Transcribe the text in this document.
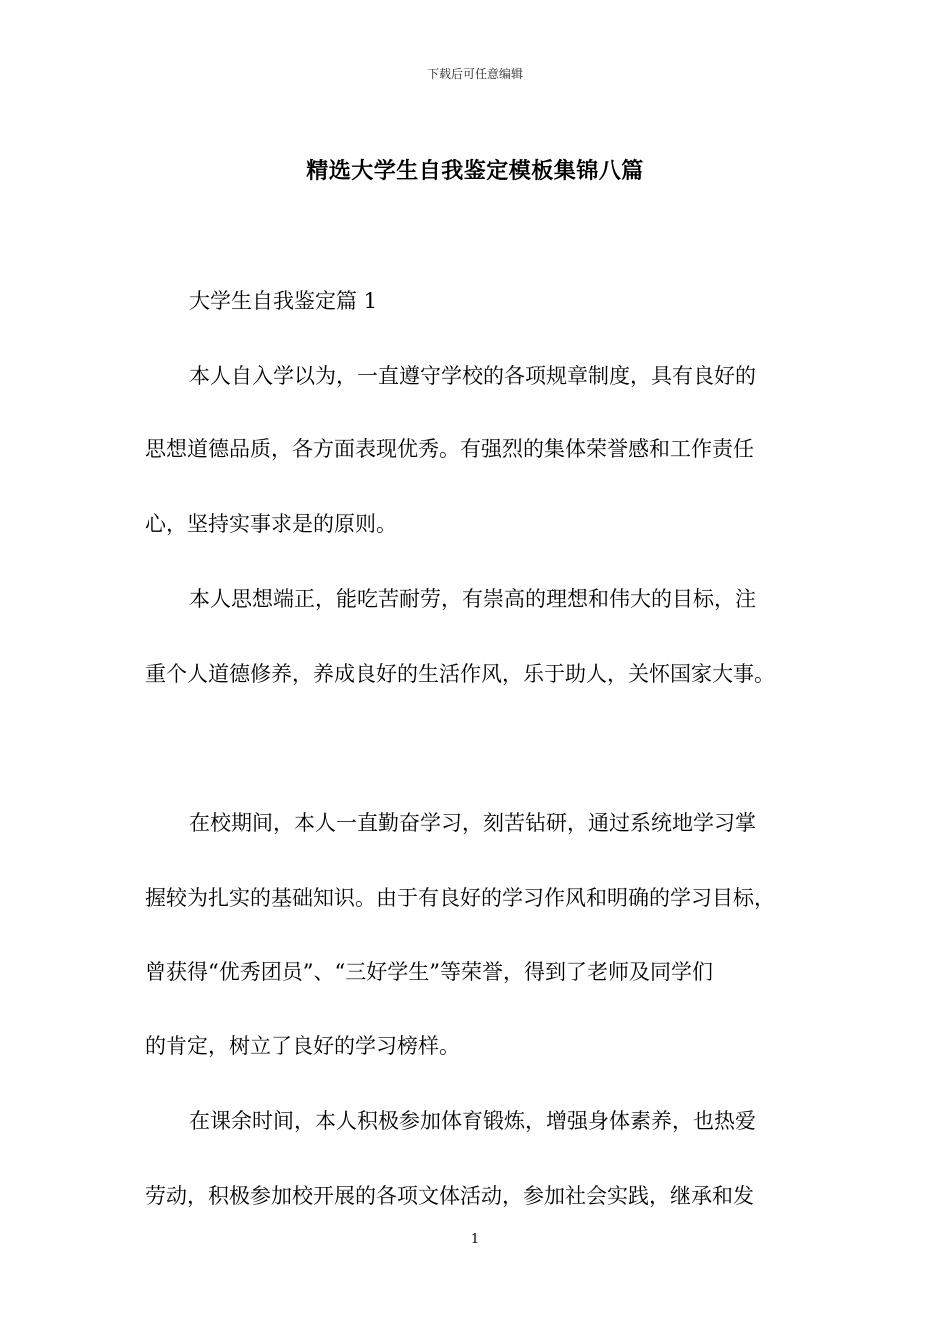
下载后可任意编辑
精选大学生自我鉴定模板集锦八篇
大学生自我鉴定篇 1
本人自入学以为，一直遵守学校的各项规章制度，具有良好的
思想道德品质，各方面表现优秀。有强烈的集体荣誉感和工作责任
心，坚持实事求是的原则。
本人思想端正，能吃苦耐劳，有崇高的理想和伟大的目标，注
重个人道德修养，养成良好的生活作风，乐于助人，关怀国家大事。
在校期间，本人一直勤奋学习，刻苦钻研，通过系统地学习掌
握较为扎实的基础知识。由于有良好的学习作风和明确的学习目标，
曾获得“优秀团员”、“三好学生”等荣誉，得到了老师及同学们
的肯定，树立了良好的学习榜样。
在课余时间，本人积极参加体育锻炼，增强身体素养，也热爱
劳动，积极参加校开展的各项文体活动，参加社会实践，继承和发
1
